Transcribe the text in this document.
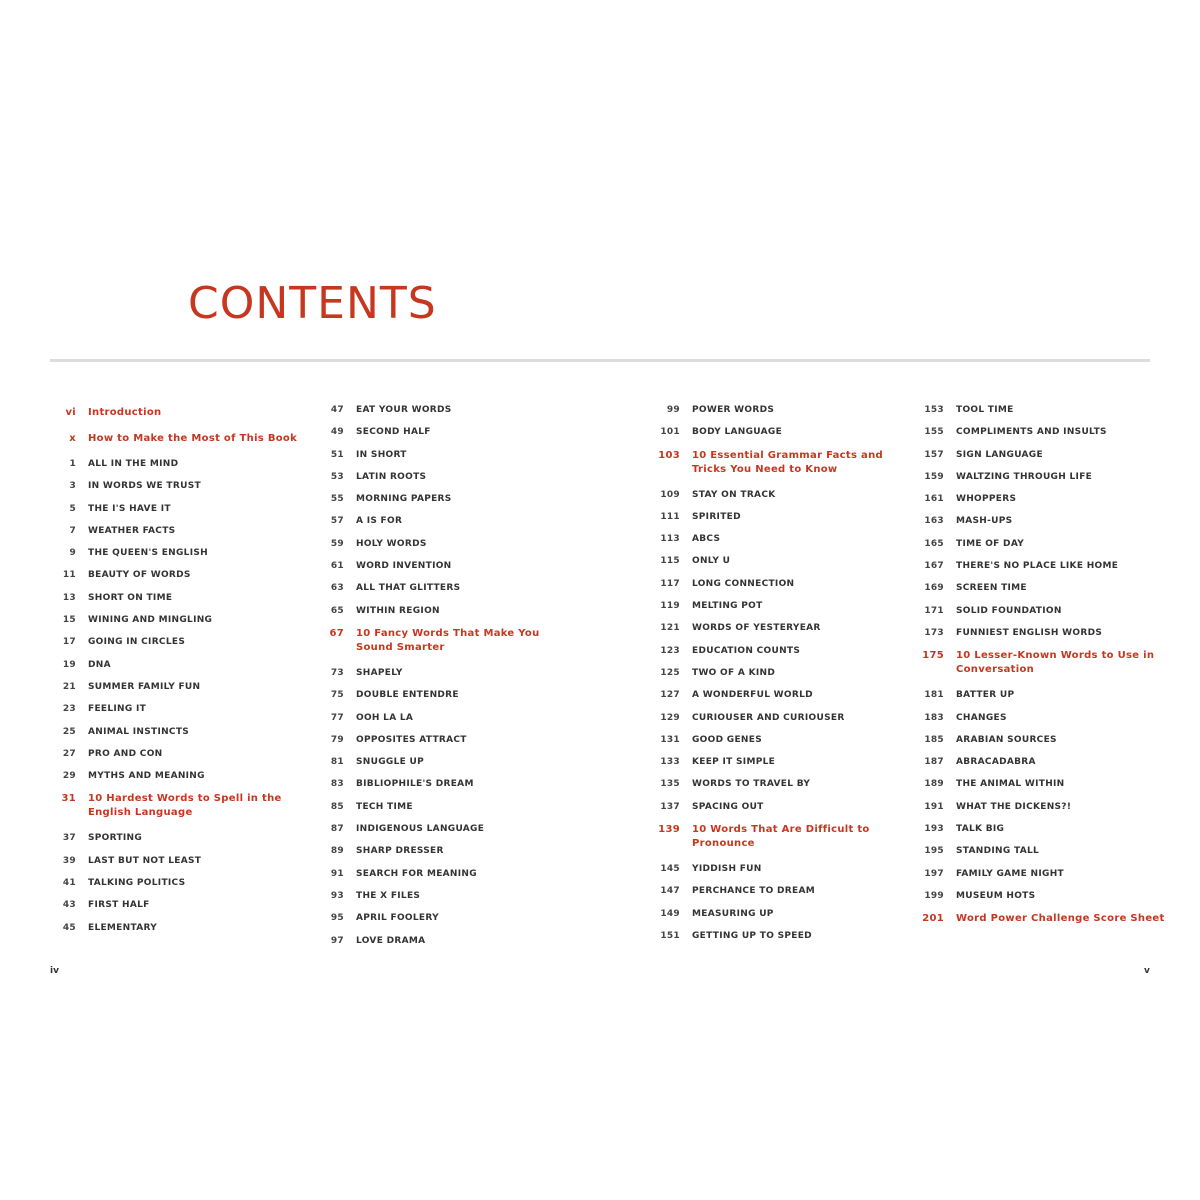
CONTENTS
vi Introduction
x How to Make the Most of This Book
1 ALL IN THE MIND
3 IN WORDS WE TRUST
5 THE I'S HAVE IT
7 WEATHER FACTS
9 THE QUEEN'S ENGLISH
11 BEAUTY OF WORDS
13 SHORT ON TIME
15 WINING AND MINGLING
17 GOING IN CIRCLES
19 DNA
21 SUMMER FAMILY FUN
23 FEELING IT
25 ANIMAL INSTINCTS
27 PRO AND CON
29 MYTHS AND MEANING
31 10 Hardest Words to Spell in the English Language
37 SPORTING
39 LAST BUT NOT LEAST
41 TALKING POLITICS
43 FIRST HALF
45 ELEMENTARY
47 EAT YOUR WORDS
49 SECOND HALF
51 IN SHORT
53 LATIN ROOTS
55 MORNING PAPERS
57 A IS FOR
59 HOLY WORDS
61 WORD INVENTION
63 ALL THAT GLITTERS
65 WITHIN REGION
67 10 Fancy Words That Make You Sound Smarter
73 SHAPELY
75 DOUBLE ENTENDRE
77 OOH LA LA
79 OPPOSITES ATTRACT
81 SNUGGLE UP
83 BIBLIOPHILE'S DREAM
85 TECH TIME
87 INDIGENOUS LANGUAGE
89 SHARP DRESSER
91 SEARCH FOR MEANING
93 THE X FILES
95 APRIL FOOLERY
97 LOVE DRAMA
99 POWER WORDS
101 BODY LANGUAGE
103 10 Essential Grammar Facts and Tricks You Need to Know
109 STAY ON TRACK
111 SPIRITED
113 ABCS
115 ONLY U
117 LONG CONNECTION
119 MELTING POT
121 WORDS OF YESTERYEAR
123 EDUCATION COUNTS
125 TWO OF A KIND
127 A WONDERFUL WORLD
129 CURIOUSER AND CURIOUSER
131 GOOD GENES
133 KEEP IT SIMPLE
135 WORDS TO TRAVEL BY
137 SPACING OUT
139 10 Words That Are Difficult to Pronounce
145 YIDDISH FUN
147 PERCHANCE TO DREAM
149 MEASURING UP
151 GETTING UP TO SPEED
153 TOOL TIME
155 COMPLIMENTS AND INSULTS
157 SIGN LANGUAGE
159 WALTZING THROUGH LIFE
161 WHOPPERS
163 MASH-UPS
165 TIME OF DAY
167 THERE'S NO PLACE LIKE HOME
169 SCREEN TIME
171 SOLID FOUNDATION
173 FUNNIEST ENGLISH WORDS
175 10 Lesser-Known Words to Use in Conversation
181 BATTER UP
183 CHANGES
185 ARABIAN SOURCES
187 ABRACADABRA
189 THE ANIMAL WITHIN
191 WHAT THE DICKENS?!
193 TALK BIG
195 STANDING TALL
197 FAMILY GAME NIGHT
199 MUSEUM HOTS
201 Word Power Challenge Score Sheet
iv	v
